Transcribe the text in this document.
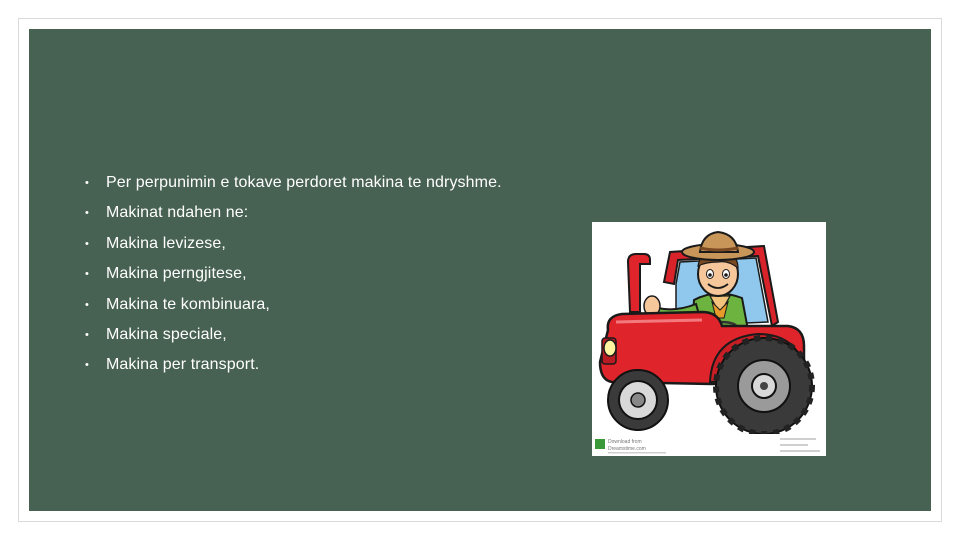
• Per perpunimin e tokave perdoret makina te ndryshme.
• Makinat ndahen ne:
• Makina levizese,
• Makina perngjitese,
• Makina te kombinuara,
• Makina speciale,
• Makina per transport.
Download from
Dreamstime.com
